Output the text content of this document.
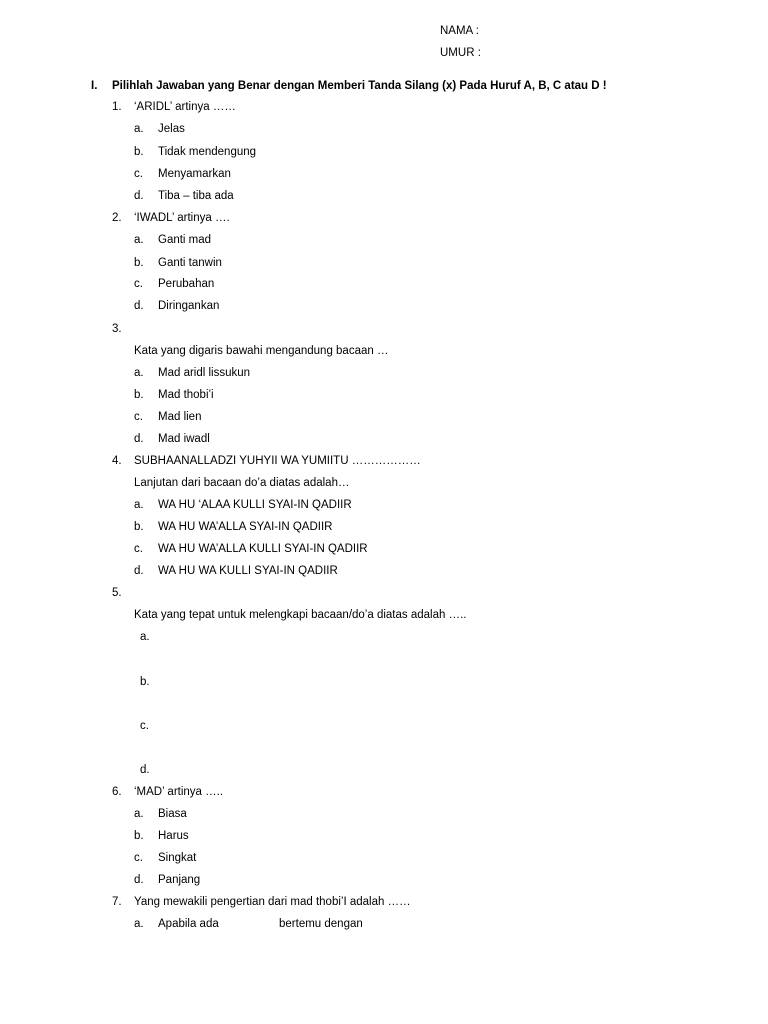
NAMA :
UMUR :
I. Pilihlah Jawaban yang Benar dengan Memberi Tanda Silang (x) Pada Huruf A, B, C atau D !
1. ‘ARIDL’ artinya ……
a. Jelas
b. Tidak mendengung
c. Menyamarkan
d. Tiba – tiba ada
2. ‘IWADL’ artinya ….
a. Ganti mad
b. Ganti tanwin
c. Perubahan
d. Diringankan
3.
Kata yang digaris bawahi mengandung bacaan …
a. Mad aridl lissukun
b. Mad thobi’i
c. Mad lien
d. Mad iwadl
4. SUBHAANALLADZI YUHYII WA YUMIITU ………………
Lanjutan dari bacaan do’a diatas adalah…
a. WA HU ‘ALAA KULLI SYAI-IN QADIIR
b. WA HU WA’ALLA SYAI-IN QADIIR
c. WA HU WA’ALLA KULLI SYAI-IN QADIIR
d. WA HU WA KULLI SYAI-IN QADIIR
5.
Kata yang tepat untuk melengkapi bacaan/do’a diatas adalah …..
a.
b.
c.
d.
6. ‘MAD’ artinya …..
a. Biasa
b. Harus
c. Singkat
d. Panjang
7. Yang mewakili pengertian dari mad thobi’I adalah ……
a. Apabila ada	bertemu dengan
